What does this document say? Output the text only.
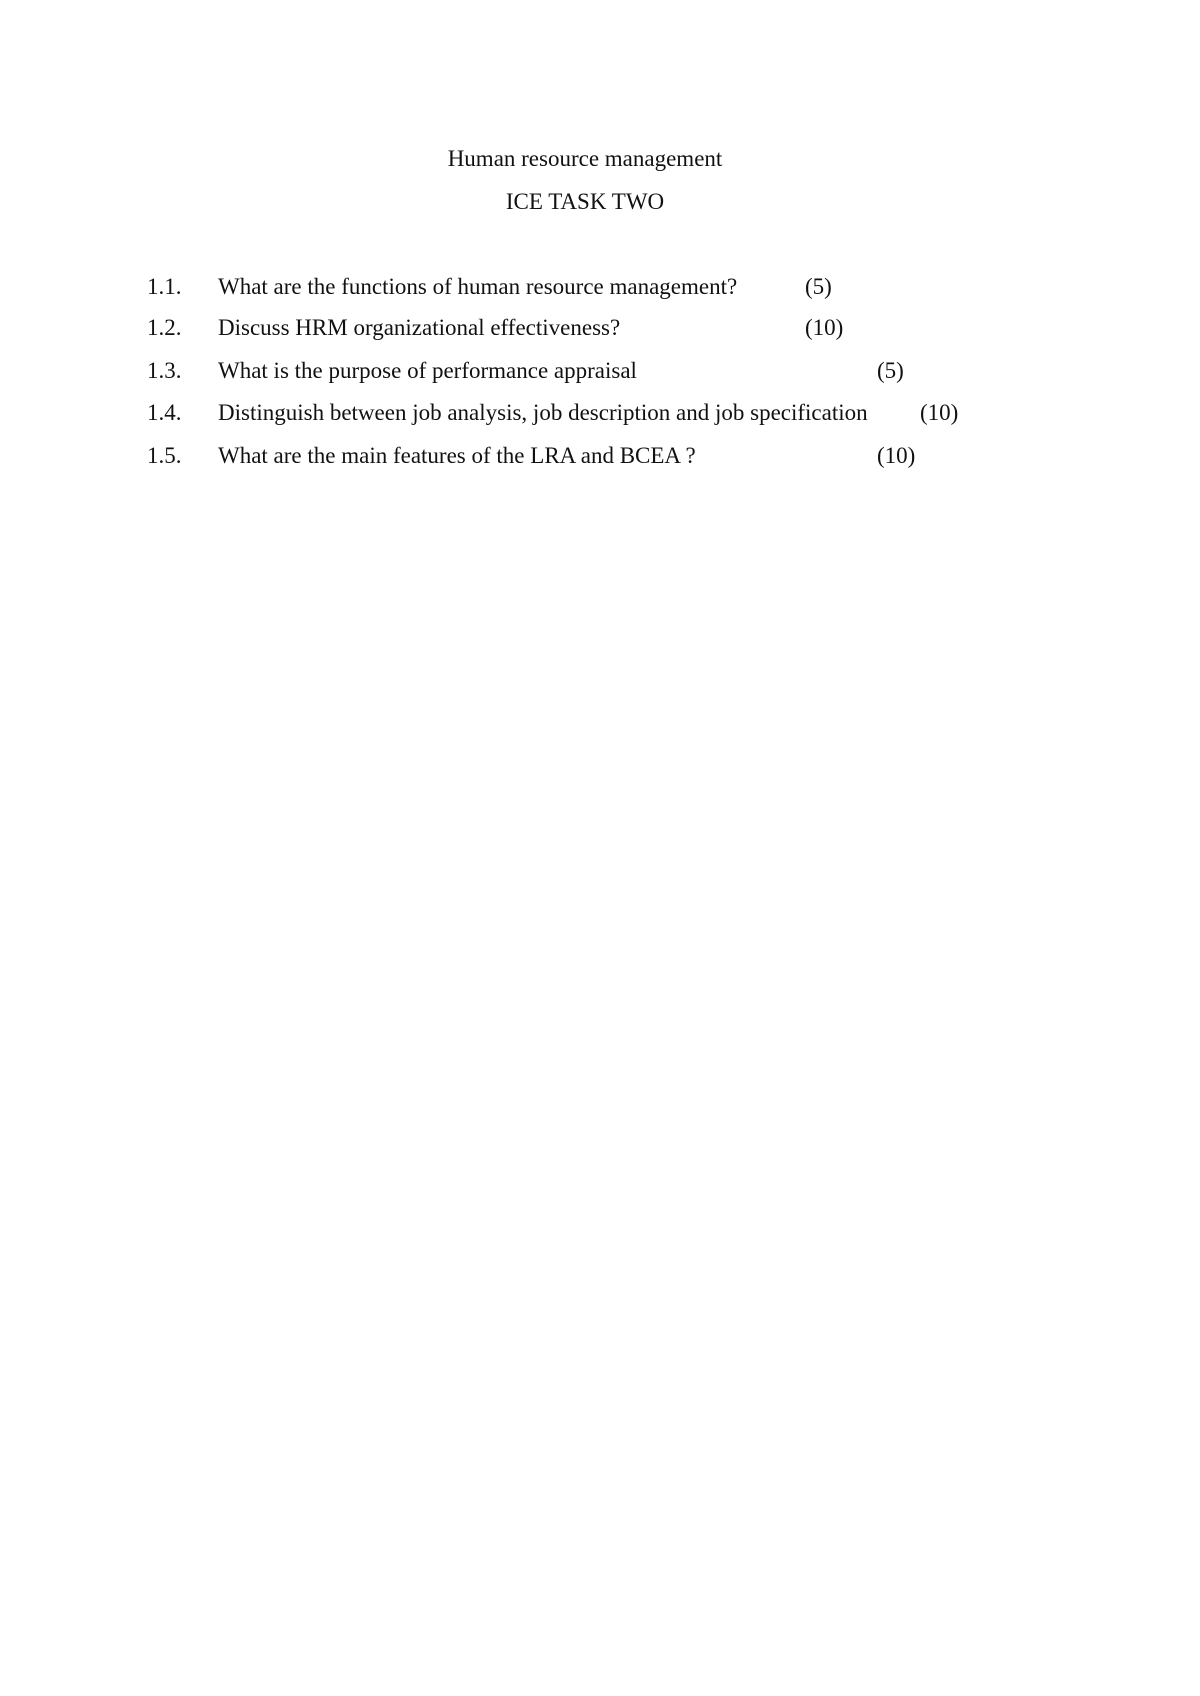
Human resource management
ICE TASK TWO
1.1. What are the functions of human resource management?	(5)
1.2. Discuss HRM organizational effectiveness?	(10)
1.3. What is the purpose of performance appraisal	(5)
1.4. Distinguish between job analysis, job description and job specification (10)
1.5. What are the main features of the LRA and BCEA ?	(10)
